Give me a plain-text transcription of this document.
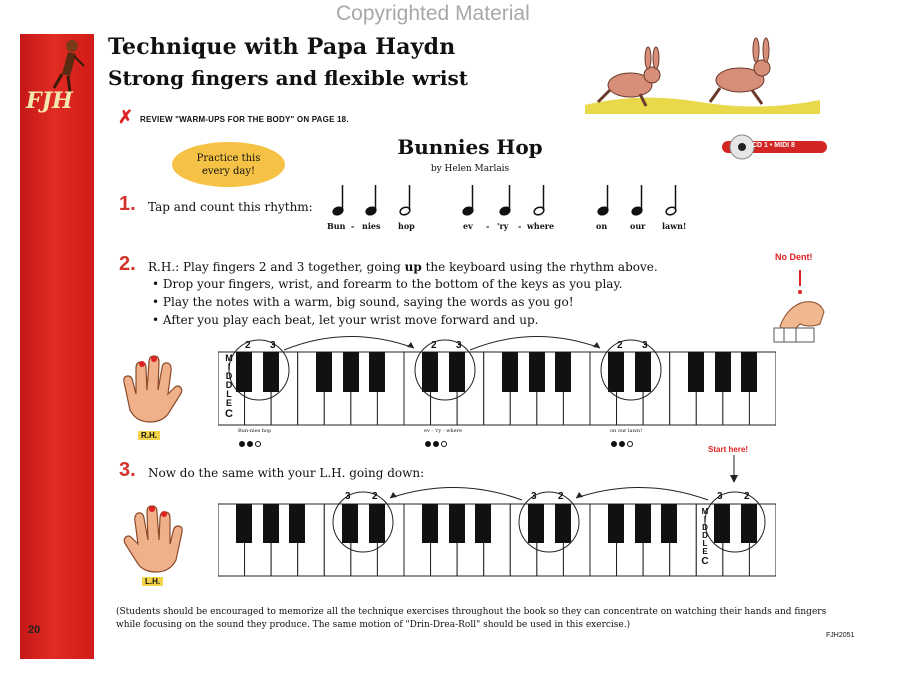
Copyrighted Material
FJH
20
Technique with Papa Haydn
Strong fingers and flexible wrist
✗ REVIEW "WARM-UPS FOR THE BODY" ON PAGE 18.
Practice this every day!
Bunnies Hop
by Helen Marlais
CD 1 • MIDI 8
1. Tap and count this rhythm:
Bun - nies hop	ev - 'ry - where	on	our lawn!
2. R.H.: Play fingers 2 and 3 together, going up the keyboard using the rhythm above.
• Drop your fingers, wrist, and forearm to the bottom of the keys as you play.
• Play the notes with a warm, big sound, saying the words as you go!
• After you play each beat, let your wrist move forward and up.
No Dent!
R.H.
2 3	2 3	2 3
M
I
D
D
L
E
C
Bun-nies hop	ev - 'ry - where	on our lawn!
3. Now do the same with your L.H. going down:
Start here!
L.H.
3 2	3 2	3 2
M
I
D
D
L
E
C
(Students should be encouraged to memorize all the technique exercises throughout the book so they can concentrate on watching their hands and fingers while focusing on the sound they produce. The same motion of "Drin-Drea-Roll" should be used in this exercise.)
FJH2051
